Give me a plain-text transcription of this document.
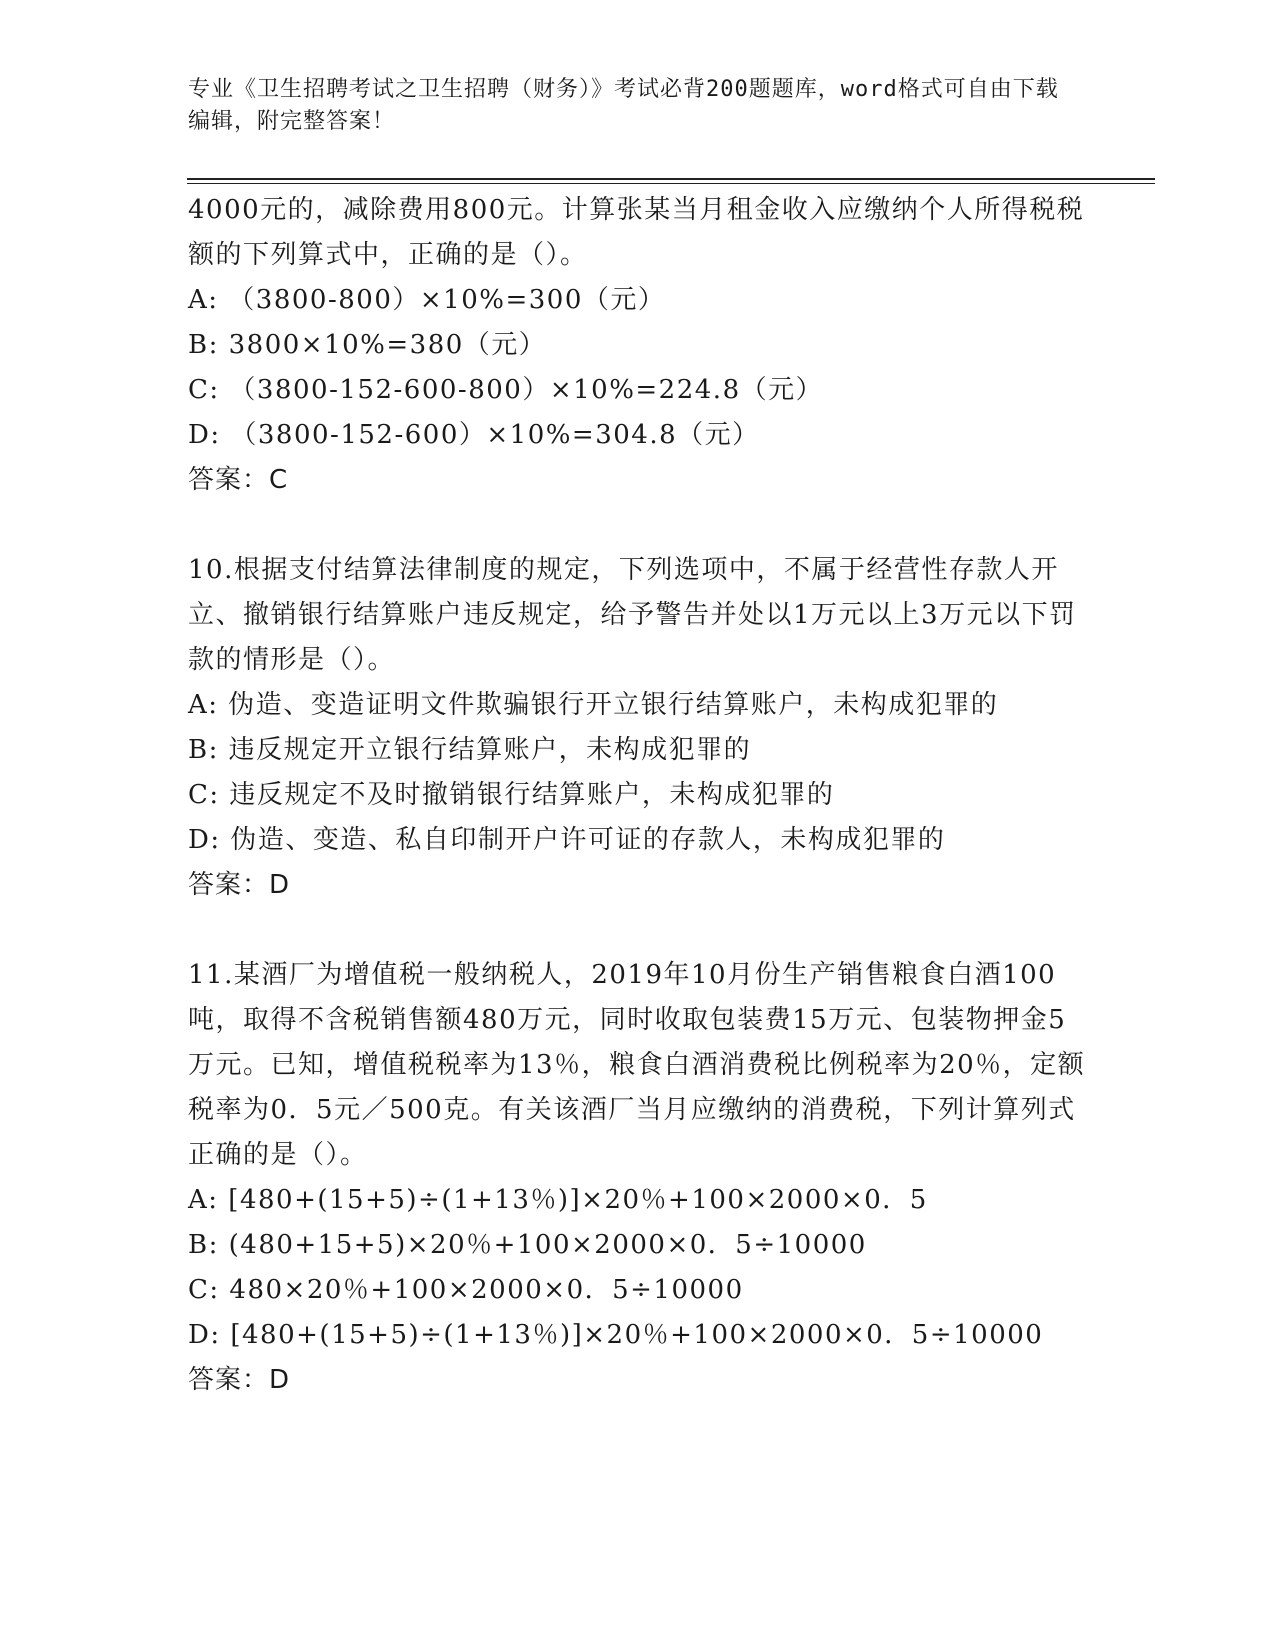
专业《卫生招聘考试之卫生招聘（财务）》考试必背200题题库，word格式可自由下载编辑，附完整答案！

4000元的，减除费用800元。计算张某当月租金收入应缴纳个人所得税税额的下列算式中，正确的是（）。

A: （3800-800）×10%=300（元）

B: 3800×10%=380（元）

C: （3800-152-600-800）×10%=224.8（元）

D: （3800-152-600）×10%=304.8（元）

答案：C

10.根据支付结算法律制度的规定，下列选项中，不属于经营性存款人开立、撤销银行结算账户违反规定，给予警告并处以1万元以上3万元以下罚款的情形是（）。

A: 伪造、变造证明文件欺骗银行开立银行结算账户，未构成犯罪的

B: 违反规定开立银行结算账户，未构成犯罪的

C: 违反规定不及时撤销银行结算账户，未构成犯罪的

D: 伪造、变造、私自印制开户许可证的存款人，未构成犯罪的

答案：D

11.某酒厂为增值税一般纳税人，2019年10月份生产销售粮食白酒100吨，取得不含税销售额480万元，同时收取包装费15万元、包装物押金5万元。已知，增值税税率为13％，粮食白酒消费税比例税率为20％，定额税率为0．5元／500克。有关该酒厂当月应缴纳的消费税，下列计算列式正确的是（）。

A: [480+(15+5)÷(1+13％)]×20％+100×2000×0．5

B: (480+15+5)×20％+100×2000×0．5÷10000

C: 480×20％+100×2000×0．5÷10000

D: [480+(15+5)÷(1+13％)]×20％+100×2000×0．5÷10000

答案：D
